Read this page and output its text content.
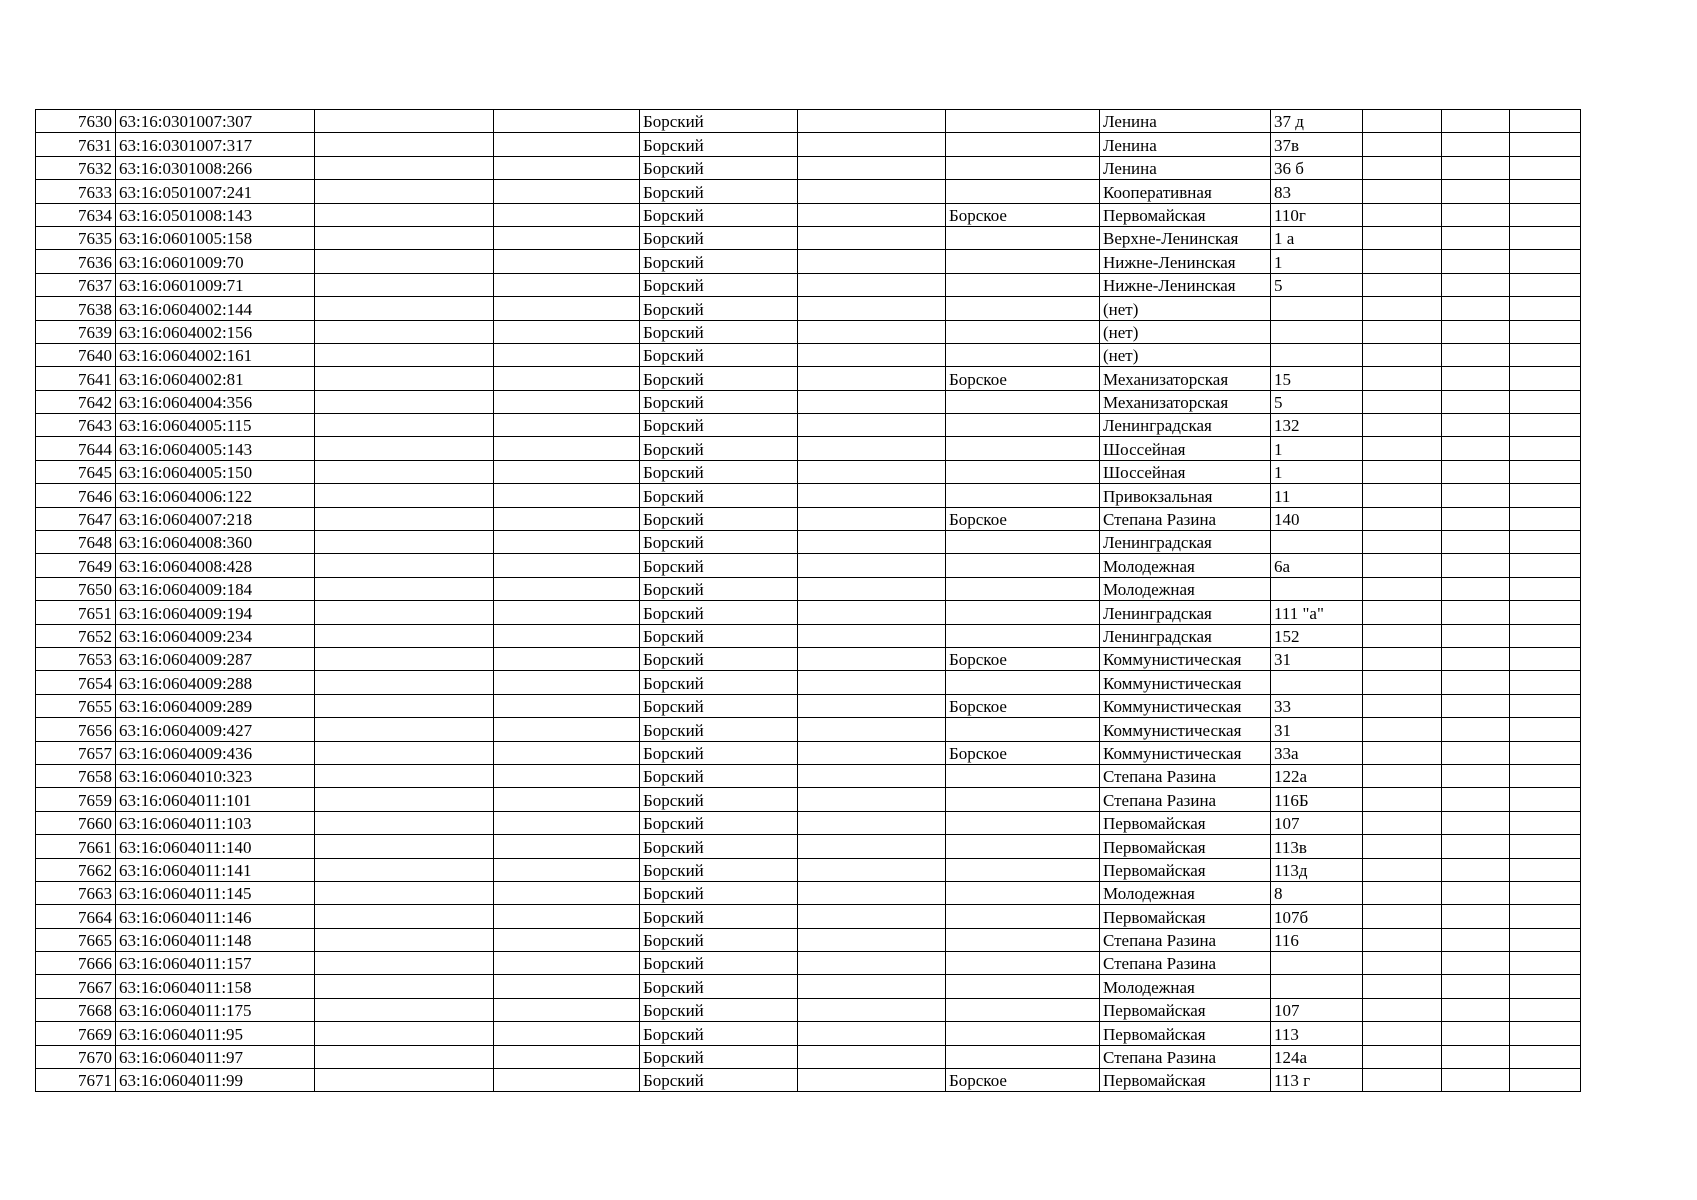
7630	63:16:0301007:307			Борский			Ленина	37 д			
7631	63:16:0301007:317			Борский			Ленина	37в			
7632	63:16:0301008:266			Борский			Ленина	36 б			
7633	63:16:0501007:241			Борский			Кооперативная	83			
7634	63:16:0501008:143			Борский		Борское	Первомайская	110г			
7635	63:16:0601005:158			Борский			Верхне-Ленинская	1 а			
7636	63:16:0601009:70			Борский			Нижне-Ленинская	1			
7637	63:16:0601009:71			Борский			Нижне-Ленинская	5			
7638	63:16:0604002:144			Борский			(нет)				
7639	63:16:0604002:156			Борский			(нет)				
7640	63:16:0604002:161			Борский			(нет)				
7641	63:16:0604002:81			Борский		Борское	Механизаторская	15			
7642	63:16:0604004:356			Борский			Механизаторская	5			
7643	63:16:0604005:115			Борский			Ленинградская	132			
7644	63:16:0604005:143			Борский			Шоссейная	1			
7645	63:16:0604005:150			Борский			Шоссейная	1			
7646	63:16:0604006:122			Борский			Привокзальная	11			
7647	63:16:0604007:218			Борский		Борское	Степана Разина	140			
7648	63:16:0604008:360			Борский			Ленинградская				
7649	63:16:0604008:428			Борский			Молодежная	6а			
7650	63:16:0604009:184			Борский			Молодежная				
7651	63:16:0604009:194			Борский			Ленинградская	111 "а"			
7652	63:16:0604009:234			Борский			Ленинградская	152			
7653	63:16:0604009:287			Борский		Борское	Коммунистическая	31			
7654	63:16:0604009:288			Борский			Коммунистическая				
7655	63:16:0604009:289			Борский		Борское	Коммунистическая	33			
7656	63:16:0604009:427			Борский			Коммунистическая	31			
7657	63:16:0604009:436			Борский		Борское	Коммунистическая	33а			
7658	63:16:0604010:323			Борский			Степана Разина	122а			
7659	63:16:0604011:101			Борский			Степана Разина	116Б			
7660	63:16:0604011:103			Борский			Первомайская	107			
7661	63:16:0604011:140			Борский			Первомайская	113в			
7662	63:16:0604011:141			Борский			Первомайская	113д			
7663	63:16:0604011:145			Борский			Молодежная	8			
7664	63:16:0604011:146			Борский			Первомайская	107б			
7665	63:16:0604011:148			Борский			Степана Разина	116			
7666	63:16:0604011:157			Борский			Степана Разина				
7667	63:16:0604011:158			Борский			Молодежная				
7668	63:16:0604011:175			Борский			Первомайская	107			
7669	63:16:0604011:95			Борский			Первомайская	113			
7670	63:16:0604011:97			Борский			Степана Разина	124а			
7671	63:16:0604011:99			Борский		Борское	Первомайская	113 г			
